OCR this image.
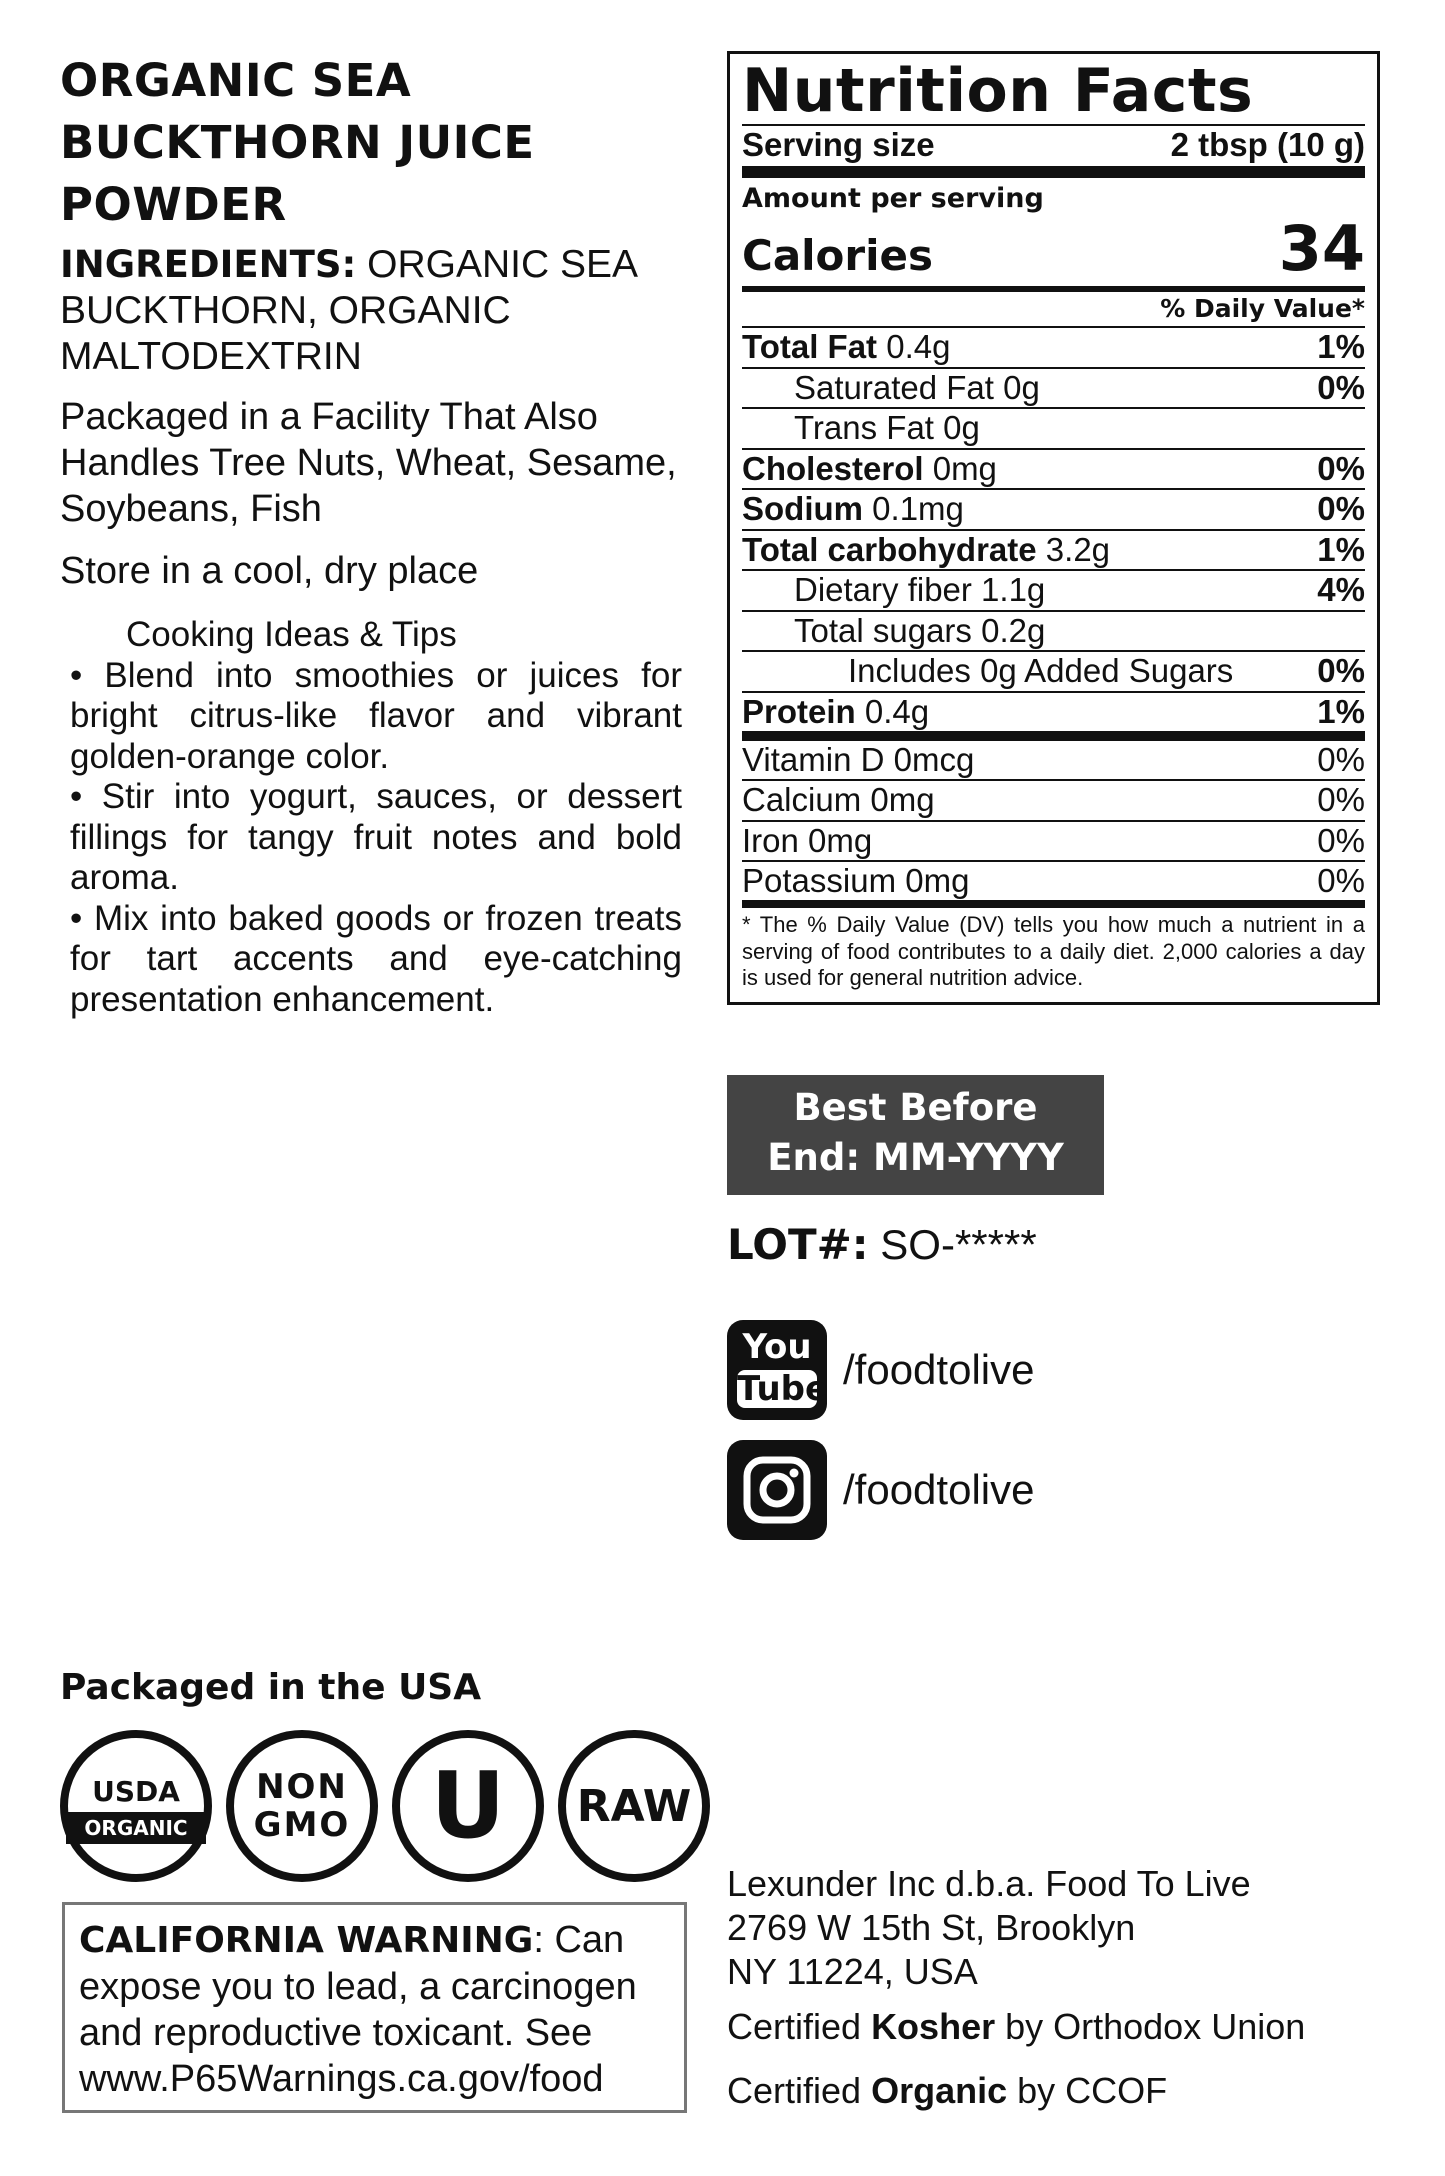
ORGANIC SEA
BUCKTHORN JUICE
POWDER
INGREDIENTS: ORGANIC SEA BUCKTHORN, ORGANIC MALTODEXTRIN
Packaged in a Facility That Also Handles Tree Nuts, Wheat, Sesame, Soybeans, Fish
Store in a cool, dry place
Cooking Ideas & Tips
• Blend into smoothies or juices for bright citrus-like flavor and vibrant golden-orange color.
• Stir into yogurt, sauces, or dessert fillings for tangy fruit notes and bold aroma.
• Mix into baked goods or frozen treats for tart accents and eye-catching presentation enhancement.
Nutrition Facts
Serving size	2 tbsp (10 g)
Amount per serving
Calories	34
% Daily Value*
Total Fat 0.4g	1%
Saturated Fat 0g	0%
Trans Fat 0g
Cholesterol 0mg	0%
Sodium 0.1mg	0%
Total carbohydrate 3.2g	1%
Dietary fiber 1.1g	4%
Total sugars 0.2g
Includes 0g Added Sugars	0%
Protein 0.4g	1%
Vitamin D 0mcg	0%
Calcium 0mg	0%
Iron 0mg	0%
Potassium 0mg	0%
* The % Daily Value (DV) tells you how much a nutrient in a serving of food contributes to a daily diet. 2,000 calories a day is used for general nutrition advice.
Best Before
End: MM-YYYY
LOT#: SO-*****
You
Tube /foodtolive
/foodtolive
Packaged in the USA
USDA
ORGANIC
NON
GMO U RAW
CALIFORNIA WARNING: Can expose you to lead, a carcinogen and reproductive toxicant. See www.P65Warnings.ca.gov/food
Lexunder Inc d.b.a. Food To Live
2769 W 15th St, Brooklyn
NY 11224, USA
Certified Kosher by Orthodox Union
Certified Organic by CCOF
